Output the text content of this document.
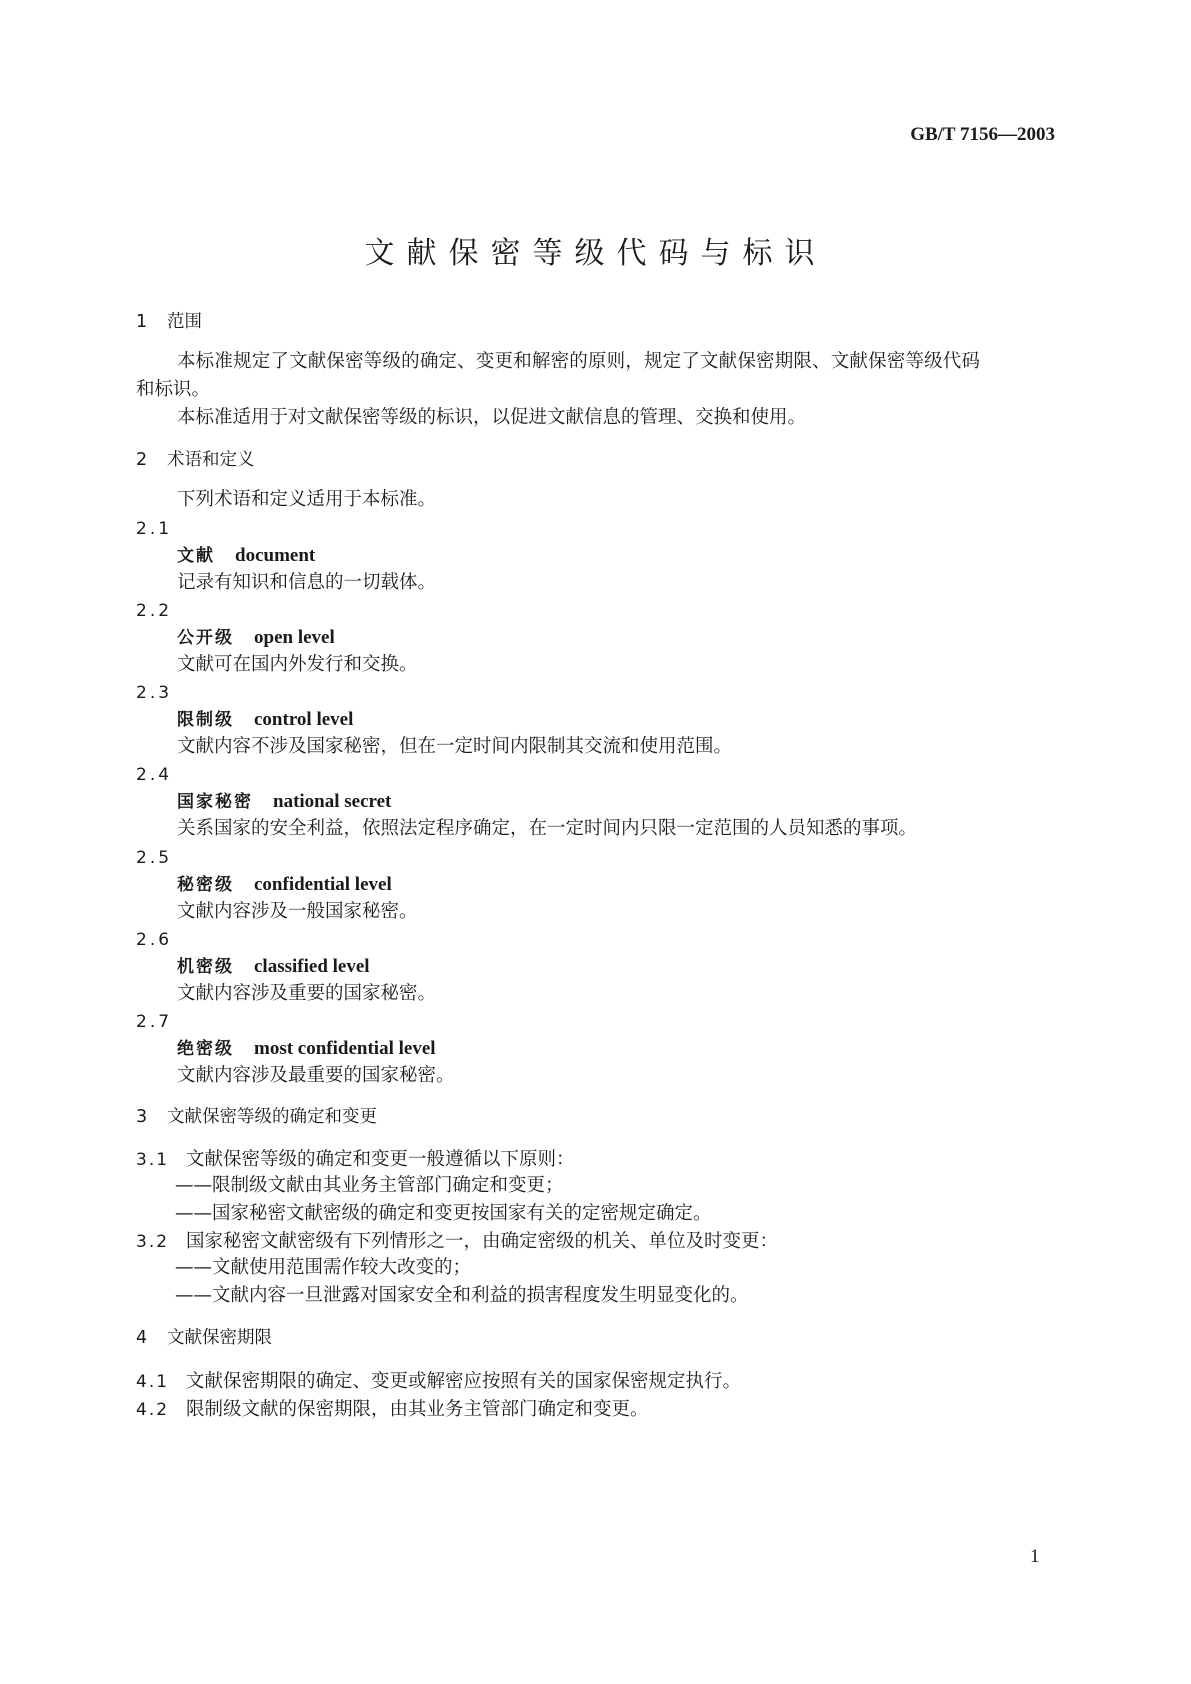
GB/T 7156—2003
文献保密等级代码与标识
1 范围
本标准规定了文献保密等级的确定、变更和解密的原则，规定了文献保密期限、文献保密等级代码
和标识。
本标准适用于对文献保密等级的标识，以促进文献信息的管理、交换和使用。
2 术语和定义
下列术语和定义适用于本标准。
2.1
文献 document
记录有知识和信息的一切载体。
2.2
公开级 open level
文献可在国内外发行和交换。
2.3
限制级 control level
文献内容不涉及国家秘密，但在一定时间内限制其交流和使用范围。
2.4
国家秘密 national secret
关系国家的安全利益，依照法定程序确定，在一定时间内只限一定范围的人员知悉的事项。
2.5
秘密级 confidential level
文献内容涉及一般国家秘密。
2.6
机密级 classified level
文献内容涉及重要的国家秘密。
2.7
绝密级 most confidential level
文献内容涉及最重要的国家秘密。
3 文献保密等级的确定和变更
3.1 文献保密等级的确定和变更一般遵循以下原则：
——限制级文献由其业务主管部门确定和变更；
——国家秘密文献密级的确定和变更按国家有关的定密规定确定。
3.2 国家秘密文献密级有下列情形之一，由确定密级的机关、单位及时变更：
——文献使用范围需作较大改变的；
——文献内容一旦泄露对国家安全和利益的损害程度发生明显变化的。
4 文献保密期限
4.1 文献保密期限的确定、变更或解密应按照有关的国家保密规定执行。
4.2 限制级文献的保密期限，由其业务主管部门确定和变更。
1
